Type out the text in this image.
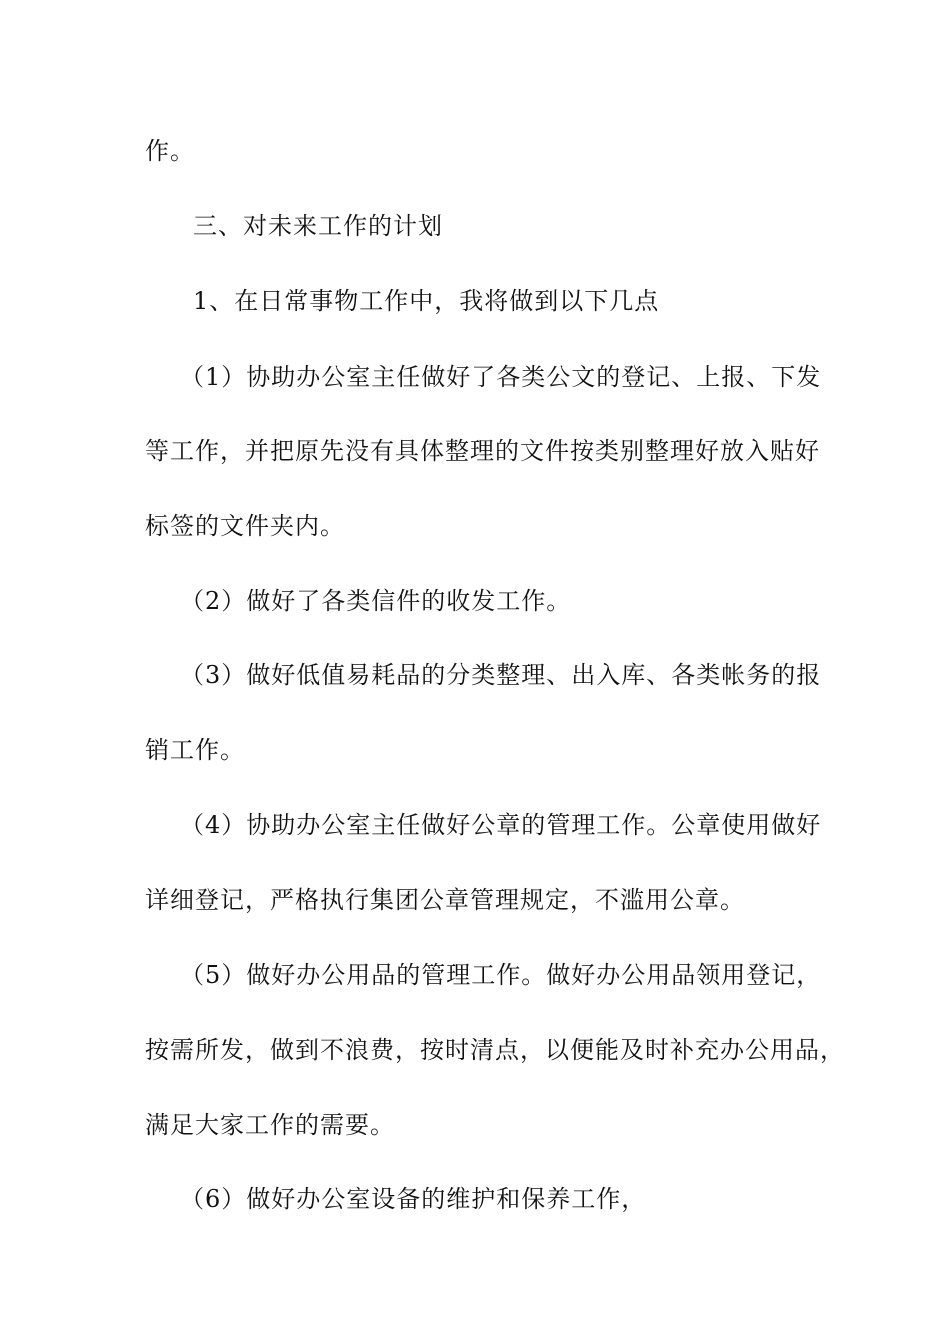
作。
三、对未来工作的计划
1、在日常事物工作中，我将做到以下几点
（1）协助办公室主任做好了各类公文的登记、上报、下发
等工作，并把原先没有具体整理的文件按类别整理好放入贴好
标签的文件夹内。
（2）做好了各类信件的收发工作。
（3）做好低值易耗品的分类整理、出入库、各类帐务的报
销工作。
（4）协助办公室主任做好公章的管理工作。公章使用做好
详细登记，严格执行集团公章管理规定，不滥用公章。
（5）做好办公用品的管理工作。做好办公用品领用登记，
按需所发，做到不浪费，按时清点，以便能及时补充办公用品，
满足大家工作的需要。
（6）做好办公室设备的维护和保养工作，
